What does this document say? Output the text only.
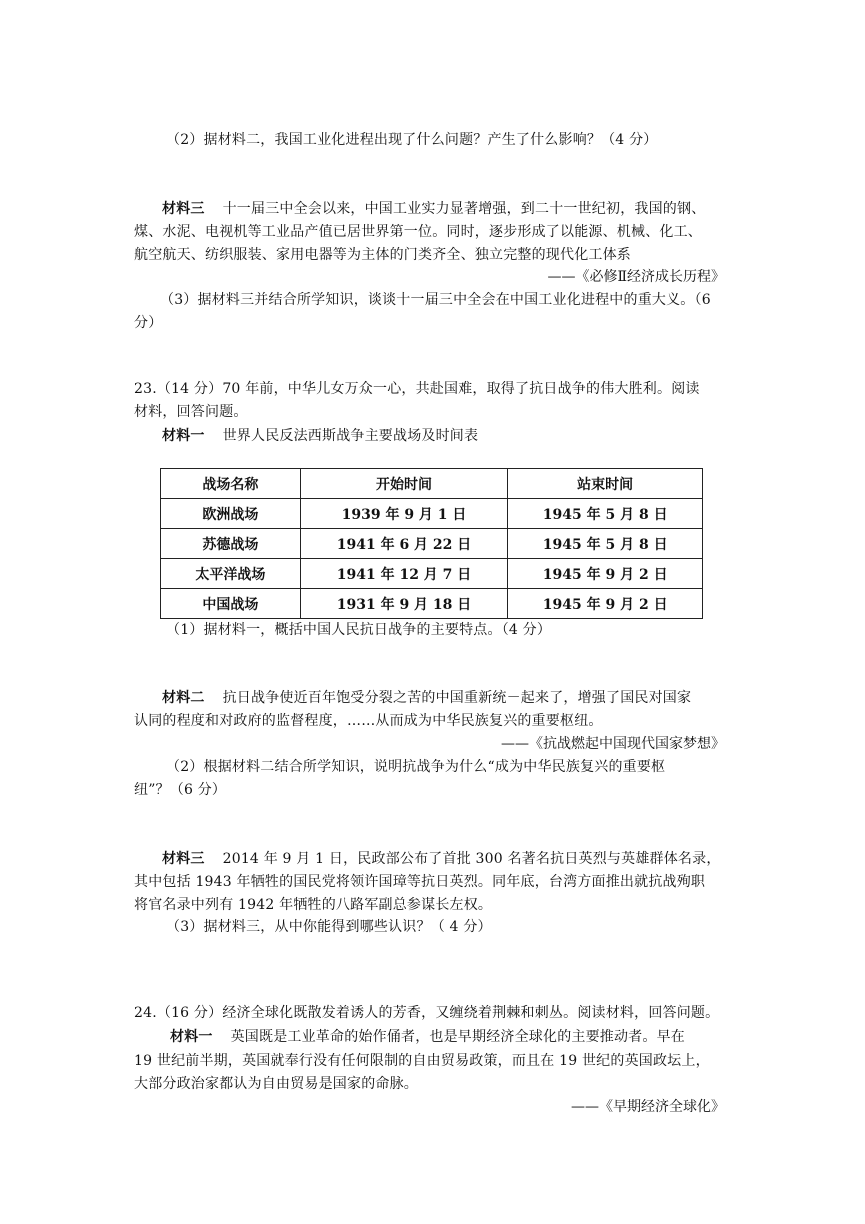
（2）据材料二，我国工业化进程出现了什么问题？产生了什么影响？（4 分）
材料三 十一届三中全会以来，中国工业实力显著增强，到二十一世纪初，我国的钢、
煤、水泥、电视机等工业品产值已居世界第一位。同时，逐步形成了以能源、机械、化工、
航空航天、纺织服装、家用电器等为主体的门类齐全、独立完整的现代化工体系
——《必修Ⅱ经济成长历程》
（3）据材料三并结合所学知识，谈谈十一届三中全会在中国工业化进程中的重大义。（6
分）
23.（14 分）70 年前，中华儿女万众一心，共赴国难，取得了抗日战争的伟大胜利。阅读
材料，回答问题。
材料一 世界人民反法西斯战争主要战场及时间表
战场名称	开始时间	站束时间
欧洲战场	1939 年 9 月 1 日	1945 年 5 月 8 日
苏德战场	1941 年 6 月 22 日	1945 年 5 月 8 日
太平洋战场	1941 年 12 月 7 日	1945 年 9 月 2 日
中国战场	1931 年 9 月 18 日	1945 年 9 月 2 日
（1）据材料一，概括中国人民抗日战争的主要特点。（4 分）
材料二 抗日战争使近百年饱受分裂之苦的中国重新统－起来了，增强了国民对国家
认同的程度和对政府的监督程度，……从而成为中华民族复兴的重要枢纽。
——《抗战燃起中国现代国家梦想》
（2）根据材料二结合所学知识，说明抗战争为什么“成为中华民族复兴的重要枢
纽”？（6 分）
材料三 2014 年 9 月 1 日，民政部公布了首批 300 名著名抗日英烈与英雄群体名录，
其中包括 1943 年牺牲的国民党将领许国璋等抗日英烈。同年底，台湾方面推出就抗战殉职
将官名录中列有 1942 年牺牲的八路军副总参谋长左权。
（3）据材料三，从中你能得到哪些认识？（ 4 分）
24.（16 分）经济全球化既散发着诱人的芳香，又缠绕着荆棘和刺丛。阅读材料，回答问题。
材料一 英国既是工业革命的始作俑者，也是早期经济全球化的主要推动者。早在
19 世纪前半期，英国就奉行没有任何限制的自由贸易政策，而且在 19 世纪的英国政坛上，
大部分政治家都认为自由贸易是国家的命脉。
——《早期经济全球化》
